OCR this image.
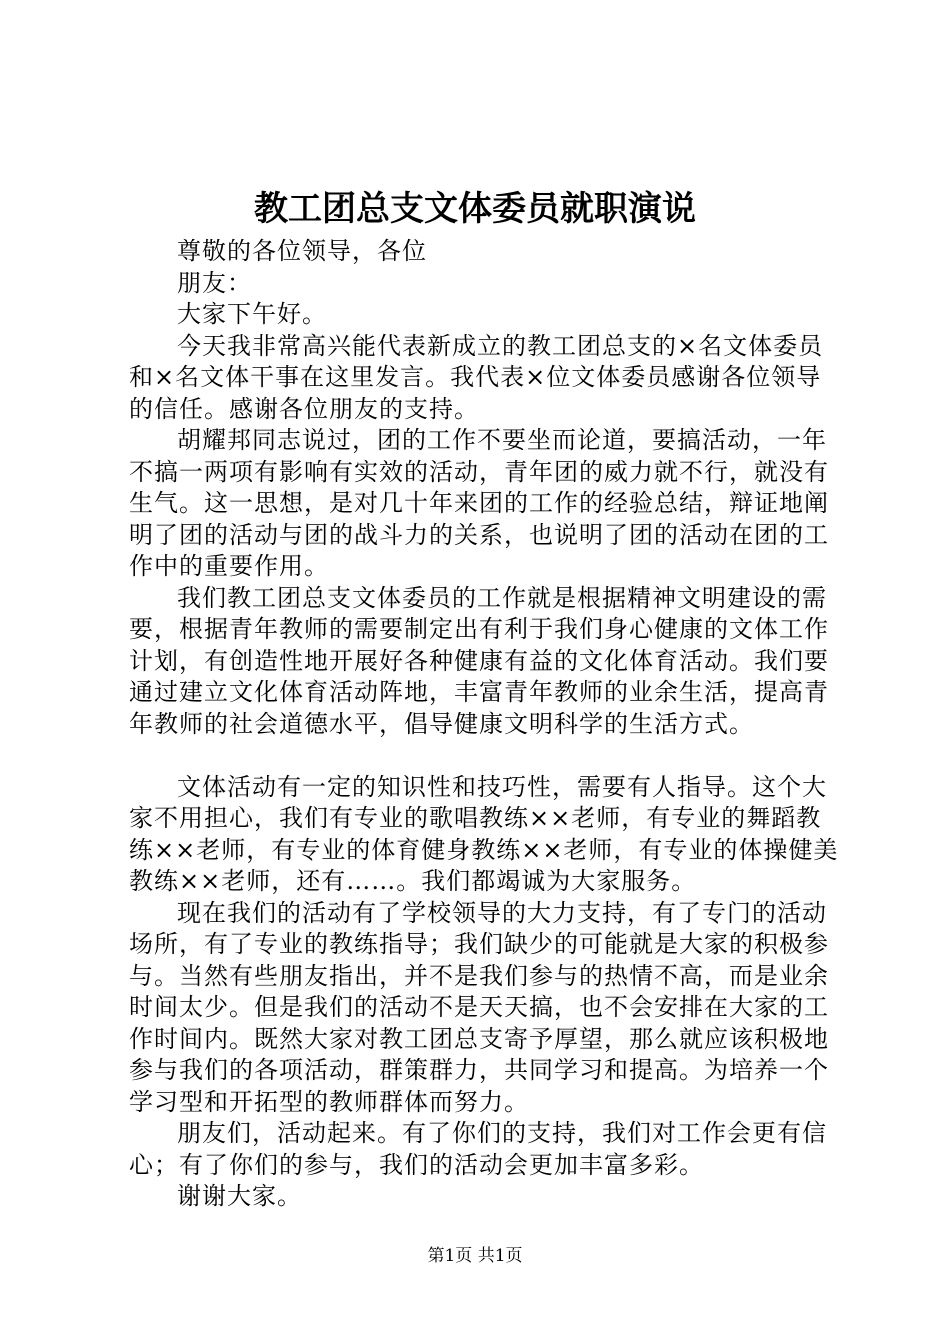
教工团总支文体委员就职演说

尊敬的各位领导，各位

朋友：

大家下午好。

今天我非常高兴能代表新成立的教工团总支的×名文体委员和×名文体干事在这里发言。我代表×位文体委员感谢各位领导的信任。感谢各位朋友的支持。

胡耀邦同志说过，团的工作不要坐而论道，要搞活动，一年不搞一两项有影响有实效的活动，青年团的威力就不行，就没有生气。这一思想，是对几十年来团的工作的经验总结，辩证地阐明了团的活动与团的战斗力的关系，也说明了团的活动在团的工作中的重要作用。

我们教工团总支文体委员的工作就是根据精神文明建设的需要，根据青年教师的需要制定出有利于我们身心健康的文体工作计划，有创造性地开展好各种健康有益的文化体育活动。我们要通过建立文化体育活动阵地，丰富青年教师的业余生活，提高青年教师的社会道德水平，倡导健康文明科学的生活方式。

文体活动有一定的知识性和技巧性，需要有人指导。这个大家不用担心，我们有专业的歌唱教练××老师，有专业的舞蹈教练××老师，有专业的体育健身教练××老师，有专业的体操健美教练××老师，还有……。我们都竭诚为大家服务。

现在我们的活动有了学校领导的大力支持，有了专门的活动场所，有了专业的教练指导；我们缺少的可能就是大家的积极参与。当然有些朋友指出，并不是我们参与的热情不高，而是业余时间太少。但是我们的活动不是天天搞，也不会安排在大家的工作时间内。既然大家对教工团总支寄予厚望，那么就应该积极地参与我们的各项活动，群策群力，共同学习和提高。为培养一个学习型和开拓型的教师群体而努力。

朋友们，活动起来。有了你们的支持，我们对工作会更有信心；有了你们的参与，我们的活动会更加丰富多彩。

谢谢大家。

第1页 共1页
